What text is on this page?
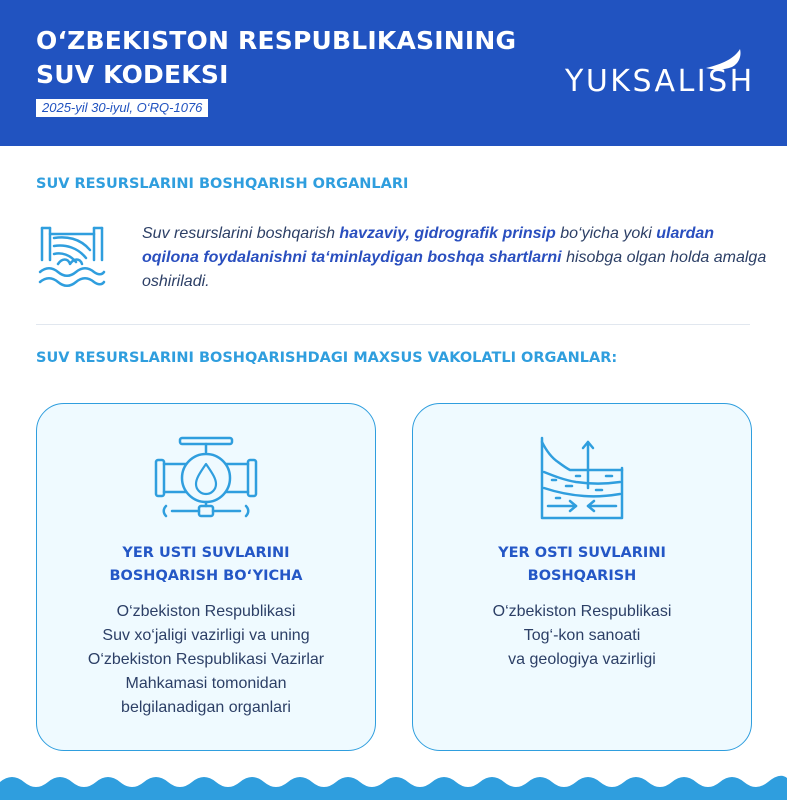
O‘ZBEKISTON RESPUBLIKASINING
SUV KODEKSI
2025-yil 30-iyul, O‘RQ-1076
YUKSALISH
SUV RESURSLARINI BOSHQARISH ORGANLARI

Suv resurslarini boshqarish havzaviy, gidrografik prinsip bo‘yicha yoki ulardan oqilona foydalanishni ta‘minlaydigan boshqa shartlarni hisobga olgan holda amalga oshiriladi.

SUV RESURSLARINI BOSHQARISHDAGI MAXSUS VAKOLATLI ORGANLAR:
YER USTI SUVLARINI
BOSHQARISH BO‘YICHA

O‘zbekiston Respublikasi
Suv xo‘jaligi vazirligi va uning
O‘zbekiston Respublikasi Vazirlar
Mahkamasi tomonidan
belgilanadigan organlari

YER OSTI SUVLARINI
BOSHQARISH

O‘zbekiston Respublikasi
Tog‘-kon sanoati
va geologiya vazirligi
